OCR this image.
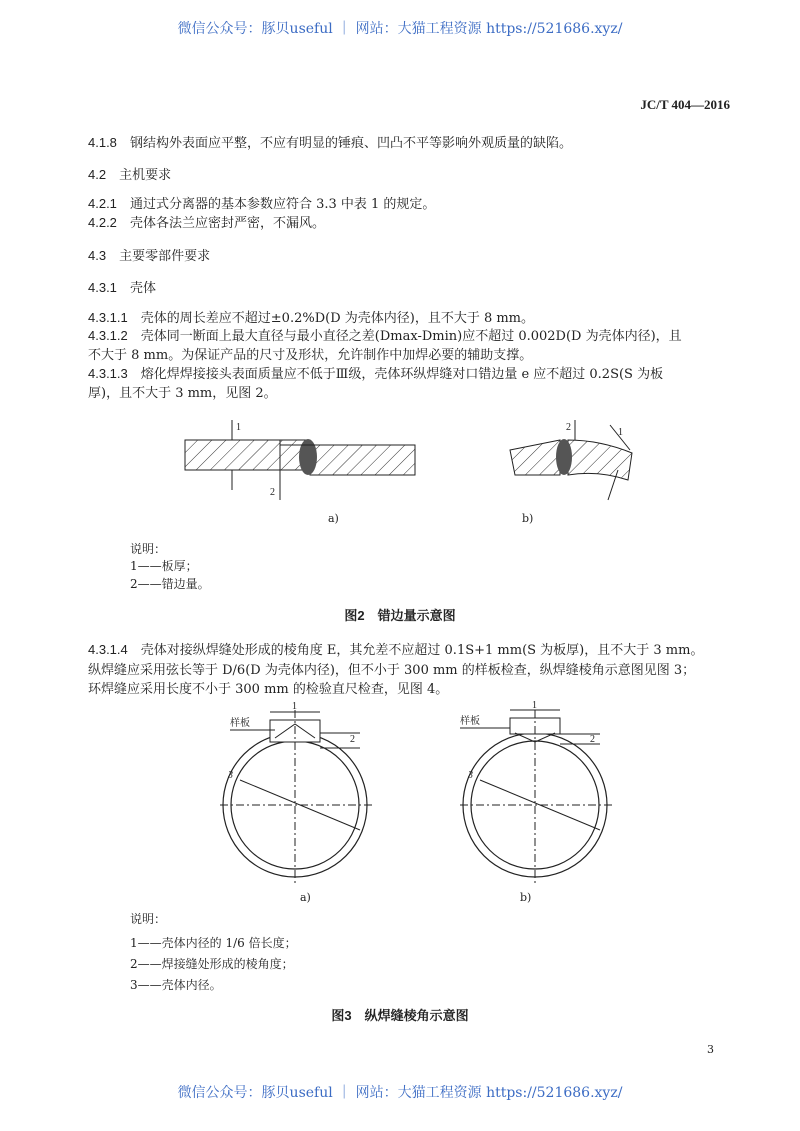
微信公众号：豚贝useful ｜ 网站：大猫工程资源 https://521686.xyz/
JC/T 404—2016
4.1.8　 钢结构外表面应平整，不应有明显的锤痕、凹凸不平等影响外观质量的缺陷。
4.2　 主机要求
4.2.1　 通过式分离器的基本参数应符合 3.3 中表 1 的规定。
4.2.2　 壳体各法兰应密封严密，不漏风。
4.3　 主要零部件要求
4.3.1　 壳体
4.3.1.1　 壳体的周长差应不超过±0.2%D(D 为壳体内径)，且不大于 8 mm。
4.3.1.2　 壳体同一断面上最大直径与最小直径之差(Dmax-Dmin)应不超过 0.002D(D 为壳体内径)，且
不大于 8 mm。为保证产品的尺寸及形状，允许制作中加焊必要的辅助支撑。
4.3.1.3　 熔化焊焊接接头表面质量应不低于Ⅲ级，壳体环纵焊缝对口错边量 e 应不超过 0.2S(S 为板
厚)，且不大于 3 mm，见图 2。
1
2
2	1
a)	b)
说明：
1——板厚；
2——错边量。
图2　错边量示意图
4.3.1.4　 壳体对接纵焊缝处形成的棱角度 E，其允差不应超过 0.1S+1 mm(S 为板厚)，且不大于 3 mm。
纵焊缝应采用弦长等于 D/6(D 为壳体内径)，但不小于 300 mm 的样板检查，纵焊缝棱角示意图见图 3；
环焊缝应采用长度不小于 300 mm 的检验直尺检查，见图 4。
1
2
3
样板
1
2
3
样板
a)	b)
说明：
1——壳体内径的 1/6 倍长度；
2——焊接缝处形成的棱角度；
3——壳体内径。
图3　纵焊缝棱角示意图
3
微信公众号：豚贝useful ｜ 网站：大猫工程资源 https://521686.xyz/
